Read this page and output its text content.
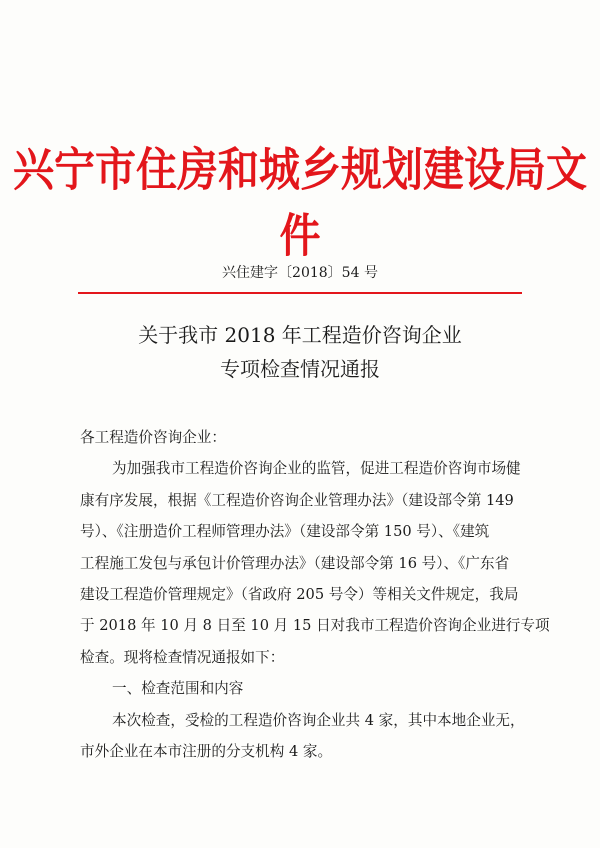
兴宁市住房和城乡规划建设局文件
兴住建字〔2018〕54 号
关于我市 2018 年工程造价咨询企业
专项检查情况通报
各工程造价咨询企业：
为加强我市工程造价咨询企业的监管，促进工程造价咨询市场健
康有序发展，根据《工程造价咨询企业管理办法》（建设部令第 149
号）、《注册造价工程师管理办法》（建设部令第 150 号）、《建筑
工程施工发包与承包计价管理办法》（建设部令第 16 号）、《广东省
建设工程造价管理规定》（省政府 205 号令）等相关文件规定，我局
于 2018 年 10 月 8 日至 10 月 15 日对我市工程造价咨询企业进行专项
检查。现将检查情况通报如下：
一、检查范围和内容
本次检查，受检的工程造价咨询企业共 4 家，其中本地企业无，
市外企业在本市注册的分支机构 4 家。
